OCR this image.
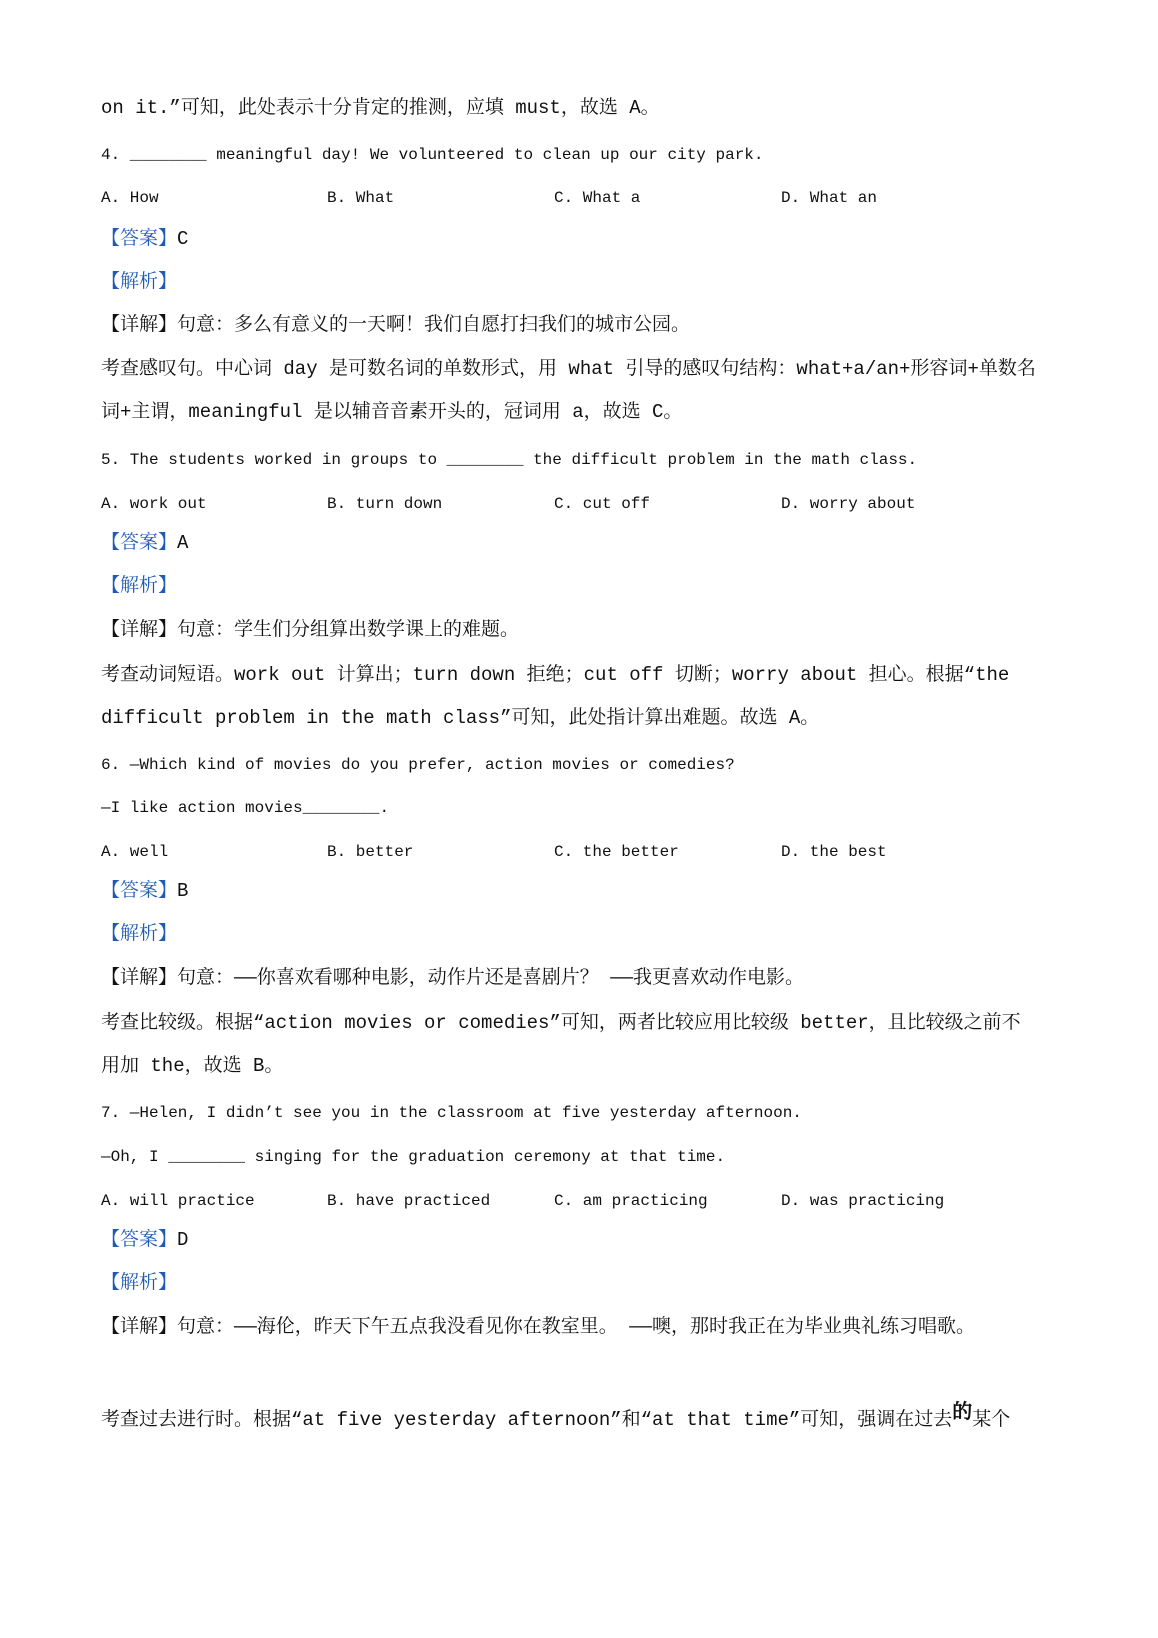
on it.”可知，此处表示十分肯定的推测，应填 must，故选 A。
4. ________ meaningful day! We volunteered to clean up our city park.
A. How	B. What	C. What a	D. What an
【答案】C
【解析】
【详解】句意：多么有意义的一天啊！我们自愿打扫我们的城市公园。
考查感叹句。中心词 day 是可数名词的单数形式，用 what 引导的感叹句结构：what+a/an+形容词+单数名
词+主谓，meaningful 是以辅音音素开头的，冠词用 a，故选 C。
5. The students worked in groups to ________ the difficult problem in the math class.
A. work out	B. turn down	C. cut off	D. worry about
【答案】A
【解析】
【详解】句意：学生们分组算出数学课上的难题。
考查动词短语。work out 计算出；turn down 拒绝；cut off 切断；worry about 担心。根据“the
difficult problem in the math class”可知，此处指计算出难题。故选 A。
6. —Which kind of movies do you prefer, action movies or comedies?
—I like action movies________.
A. well	B. better	C. the better	D. the best
【答案】B
【解析】
【详解】句意：——你喜欢看哪种电影，动作片还是喜剧片？ ——我更喜欢动作电影。
考查比较级。根据“action movies or comedies”可知，两者比较应用比较级 better，且比较级之前不
用加 the，故选 B。
7. —Helen, I didn’t see you in the classroom at five yesterday afternoon.
—Oh, I ________ singing for the graduation ceremony at that time.
A. will practice	B. have practiced	C. am practicing	D. was practicing
【答案】D
【解析】
【详解】句意：——海伦，昨天下午五点我没看见你在教室里。 ——噢，那时我正在为毕业典礼练习唱歌。
考查过去进行时。根据“at five yesterday afternoon”和“at that time”可知，强调在过去的某个
